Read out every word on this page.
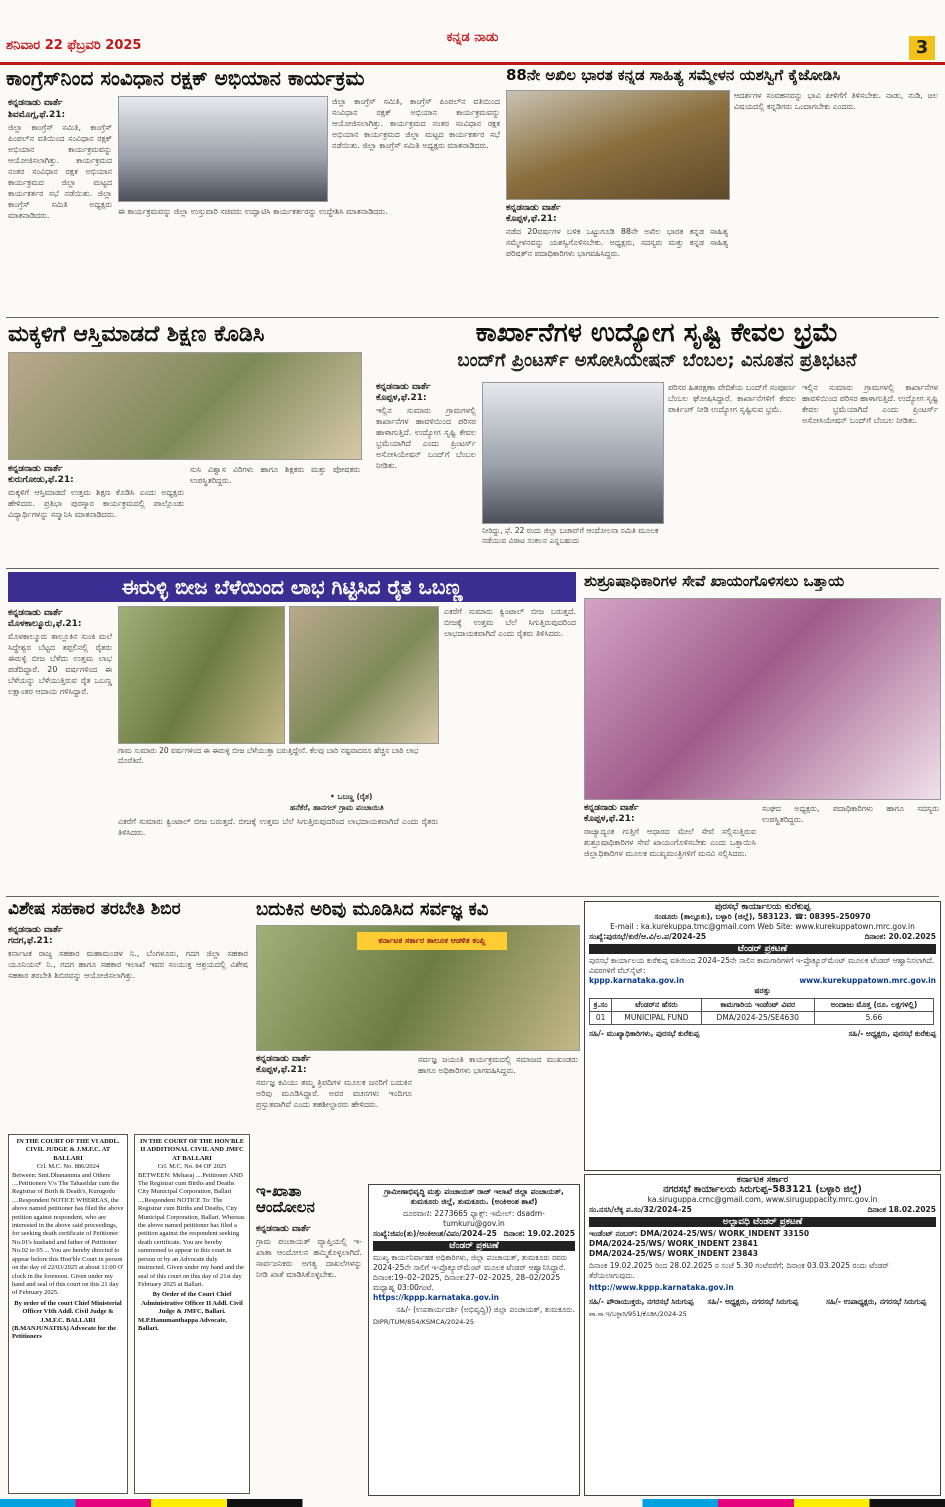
ಶನಿವಾರ 22 ಫೆಬ್ರವರಿ 2025
ಕನ್ನಡ ನಾಡು	3
ಕಾಂಗ್ರೆಸ್‌ನಿಂದ ಸಂವಿಧಾನ ರಕ್ಷಕ್ ಅಭಿಯಾನ ಕಾರ್ಯಕ್ರಮ
ಕನ್ನಡನಾಡು ವಾರ್ತೆ
ಶಿವಮೊಗ್ಗ,ಫೆ.21:
ಜಿಲ್ಲಾ ಕಾಂಗ್ರೆಸ್ ಸಮಿತಿ, ಕಾಂಗ್ರೆಸ್ ಪಿಂಪಲ್‌ನ ವತಿಯಿಂದ ಸಂವಿಧಾನ ರಕ್ಷಕ್ ಅಭಿಯಾನ ಕಾರ್ಯಕ್ರಮವನ್ನು ಆಯೋಜಿಸಲಾಗಿತ್ತು. ಕಾರ್ಯಕ್ರಮದ ನಂತರ ಸಂವಿಧಾನ ರಕ್ಷಕ ಅಭಿಯಾನ ಕಾರ್ಯಕ್ರಮದ ಜಿಲ್ಲಾ ಮಟ್ಟದ ಕಾರ್ಯಕರ್ತರ ಸಭೆ ನಡೆಯಿತು. ಜಿಲ್ಲಾ ಕಾಂಗ್ರೆಸ್ ಸಮಿತಿ ಅಧ್ಯಕ್ಷರು ಮಾತನಾಡಿದರು.
ಜಿಲ್ಲಾ ಕಾಂಗ್ರೆಸ್ ಸಮಿತಿ, ಕಾಂಗ್ರೆಸ್ ಪಿಂಪಲ್‌ನ ವತಿಯಿಂದ ಸಂವಿಧಾನ ರಕ್ಷಕ್ ಅಭಿಯಾನ ಕಾರ್ಯಕ್ರಮವನ್ನು ಆಯೋಜಿಸಲಾಗಿತ್ತು. ಕಾರ್ಯಕ್ರಮದ ನಂತರ ಸಂವಿಧಾನ ರಕ್ಷಕ ಅಭಿಯಾನ ಕಾರ್ಯಕ್ರಮದ ಜಿಲ್ಲಾ ಮಟ್ಟದ ಕಾರ್ಯಕರ್ತರ ಸಭೆ ನಡೆಯಿತು. ಜಿಲ್ಲಾ ಕಾಂಗ್ರೆಸ್ ಸಮಿತಿ ಅಧ್ಯಕ್ಷರು ಮಾತನಾಡಿದರು.
ಈ ಕಾರ್ಯಕ್ರಮವನ್ನು ಜಿಲ್ಲಾ ಉಸ್ತುವಾರಿ ಸಚಿವರು ಉದ್ಘಾಟಿಸಿ ಕಾರ್ಯಕರ್ತರನ್ನು ಉದ್ದೇಶಿಸಿ ಮಾತನಾಡಿದರು.
88ನೇ ಅಖಿಲ ಭಾರತ ಕನ್ನಡ ಸಾಹಿತ್ಯ ಸಮ್ಮೇಳನ ಯಶಸ್ವಿಗೆ ಕೈಜೋಡಿಸಿ
ಆದರ್ಶಗಳ ಸಂವಹನವನ್ನು ಭಾವಿ ಪೀಳಿಗೆಗೆ ತಿಳಿಸಬೇಕು. ನಾಡು, ನುಡಿ, ಜಲ ವಿಷಯದಲ್ಲಿ ಕನ್ನಡಿಗರು ಒಂದಾಗಬೇಕು ಎಂದರು.
ಕನ್ನಡನಾಡು ವಾರ್ತೆ
ಕೊಪ್ಪಳ,ಫೆ.21:
ನಡೆದ 20ವರ್ಷಗಳ ಬಳಿಕ ಒಟ್ಟುಗೂಡಿ 88ನೇ ಅಖಿಲ ಭಾರತ ಕನ್ನಡ ಸಾಹಿತ್ಯ ಸಮ್ಮೇಳನವನ್ನು ಯಶಸ್ವಿಗೊಳಿಸಬೇಕು. ಅಧ್ಯಕ್ಷರು, ಸದಸ್ಯರು ಮತ್ತು ಕನ್ನಡ ಸಾಹಿತ್ಯ ಪರಿಷತ್‌ನ ಪದಾಧಿಕಾರಿಗಳು ಭಾಗವಹಿಸಿದ್ದರು.
ಮಕ್ಕಳಿಗೆ ಆಸ್ತಿಮಾಡದೆ ಶಿಕ್ಷಣ ಕೊಡಿಸಿ
ಕನ್ನಡನಾಡು ವಾರ್ತೆ
ಕುರುಗೋಡು,ಫೆ.21:
ಮಕ್ಕಳಿಗೆ ಆಸ್ತಿಮಾಡದೆ ಉತ್ತಮ ಶಿಕ್ಷಣ ಕೊಡಿಸಿ ಎಂದು ಅಧ್ಯಕ್ಷರು ಹೇಳಿದರು. ಪ್ರತಿಭಾ ಪುರಸ್ಕಾರ ಕಾರ್ಯಕ್ರಮದಲ್ಲಿ ಪಾಲ್ಗೊಂಡು ವಿದ್ಯಾರ್ಥಿಗಳನ್ನು ಸನ್ಮಾನಿಸಿ ಮಾತನಾಡಿದರು.
ಸುಸಿ ವಿಶ್ವಾಸ ವಿರಿಗಳು ಹಾಗೂ ಶಿಕ್ಷಕರು ಮತ್ತು ಪೋಷಕರು ಉಪಸ್ಥಿತರಿದ್ದರು.
ಕಾರ್ಖಾನೆಗಳ ಉದ್ಯೋಗ ಸೃಷ್ಟಿ ಕೇವಲ ಭ್ರಮೆ
ಬಂದ್‌ಗೆ ಪ್ರಿಂಟರ್ಸ್ ಅಸೋಸಿಯೇಷನ್ ಬೆಂಬಲ; ವಿನೂತನ ಪ್ರತಿಭಟನೆ
ಕನ್ನಡನಾಡು ವಾರ್ತೆ
ಕೊಪ್ಪಳ,ಫೆ.21:
ಇಲ್ಲಿನ ಸುಮಾರು ಗ್ರಾಮಗಳಲ್ಲಿ ಕಾರ್ಖಾನೆಗಳ ಹಾವಳಿಯಿಂದ ಪರಿಸರ ಹಾಳಾಗುತ್ತಿದೆ. ಉದ್ಯೋಗ ಸೃಷ್ಟಿ ಕೇವಲ ಭ್ರಮೆಯಾಗಿದೆ ಎಂದು ಪ್ರಿಂಟರ್ಸ್ ಅಸೋಸಿಯೇಷನ್ ಬಂದ್‌ಗೆ ಬೆಂಬಲ ನೀಡಿತು.
ನೀರಿದ್ದು, ಫೆ. 22 ರಂದು ಜಿಲ್ಲಾ ಬಚಾವ್‌ಗೆ ಆಂದೋಲನಾ ಸಮಿತಿ ಮೂಲಕ ನಡೆಯುವ ವಿರಾಟ ಸಂಕಲನ ಎನ್ನಬಹುದು
ಪರಿಸರ ಹಿತರಕ್ಷಣಾ ವೇದಿಕೆಯ ಬಂದ್‌ಗೆ ಸಂಪೂರ್ಣ ಬೆಂಬಲ ಘೋಷಿಸಿದ್ದಾರೆ. ಕಾರ್ಖಾನೆಗಳಿಗೆ ಕೇವಲ ಪಾರ್ಕಿಂಗ್ ನೀಡಿ ಉದ್ಯೋಗ ಸೃಷ್ಟಿಸುವ ಭ್ರಮೆ.
ಇಲ್ಲಿನ ಸುಮಾರು ಗ್ರಾಮಗಳಲ್ಲಿ ಕಾರ್ಖಾನೆಗಳ ಹಾವಳಿಯಿಂದ ಪರಿಸರ ಹಾಳಾಗುತ್ತಿದೆ. ಉದ್ಯೋಗ ಸೃಷ್ಟಿ ಕೇವಲ ಭ್ರಮೆಯಾಗಿದೆ ಎಂದು ಪ್ರಿಂಟರ್ಸ್ ಅಸೋಸಿಯೇಷನ್ ಬಂದ್‌ಗೆ ಬೆಂಬಲ ನೀಡಿತು.
ಈರುಳ್ಳಿ ಬೀಜ ಬೆಳೆಯಿಂದ ಲಾಭ ಗಿಟ್ಟಿಸಿದ ರೈತ ಒಬಣ್ಣ
ಕನ್ನಡನಾಡು ವಾರ್ತೆ
ಮೊಳಕಾಲ್ಮೂರು,ಫೆ.21:
ಮೊಳಕಾಲ್ಮೂರು ತಾಲ್ಲೂಕಿನ ಸುಂಕಿ ಮಲೆ ಸಿದ್ಧೇಶ್ವರ ಬೆಟ್ಟದ ತಪ್ಪಲಿನಲ್ಲಿ ರೈತರು ಈರುಳ್ಳಿ ಬೀಜ ಬೆಳೆದು ಉತ್ತಮ ಲಾಭ ಪಡೆದಿದ್ದಾರೆ. 20 ವರ್ಷಗಳಿಂದ ಈ ಬೆಳೆಯನ್ನು ಬೆಳೆಯುತ್ತಿರುವ ರೈತ ಒಬಣ್ಣ ಲಕ್ಷಾಂತರ ಆದಾಯ ಗಳಿಸಿದ್ದಾರೆ.
ಗಾಮ ಸುಮಾರು 20 ವರ್ಷಗಳಿಂದ ಈ ಈರುಳ್ಳಿ ಬೀಜ ಬೆಳೆಯುತ್ತಾ ಬರುತ್ತಿದ್ದೇನೆ. ಕೆಲವು ಬಾರಿ ನಷ್ಟವಾದರೂ ಹೆಚ್ಚಿನ ಬಾರಿ ಲಾಭ ದೊರೆತಿದೆ.
• ಒಬಣ್ಣ (ರೈತ)
ಹನೆಕೆರೆ, ಹಾನಗಲ್ ಗ್ರಾಮ ಪಂಚಾಯಿತಿ
ಎಕರೆಗೆ ಸುಮಾರು ಕ್ವಿಂಟಾಲ್ ಬೀಜ ಬರುತ್ತದೆ. ಬೀಜಕ್ಕೆ ಉತ್ತಮ ಬೆಲೆ ಸಿಗುತ್ತಿರುವುದರಿಂದ ಲಾಭದಾಯಕವಾಗಿದೆ ಎಂದು ರೈತರು ತಿಳಿಸಿದರು.
ಎಕರೆಗೆ ಸುಮಾರು ಕ್ವಿಂಟಾಲ್ ಬೀಜ ಬರುತ್ತದೆ. ಬೀಜಕ್ಕೆ ಉತ್ತಮ ಬೆಲೆ ಸಿಗುತ್ತಿರುವುದರಿಂದ ಲಾಭದಾಯಕವಾಗಿದೆ ಎಂದು ರೈತರು ತಿಳಿಸಿದರು.
ಶುಶ್ರೂಷಾಧಿಕಾರಿಗಳ ಸೇವೆ ಖಾಯಂಗೊಳಿಸಲು ಒತ್ತಾಯ
ಕನ್ನಡನಾಡು ವಾರ್ತೆ
ಕೊಪ್ಪಳ,ಫೆ.21:
ರಾಜ್ಯಾದ್ಯಂತ ಗುತ್ತಿಗೆ ಆಧಾರದ ಮೇಲೆ ಸೇವೆ ಸಲ್ಲಿಸುತ್ತಿರುವ ಶುಶ್ರೂಷಾಧಿಕಾರಿಗಳ ಸೇವೆ ಖಾಯಂಗೊಳಿಸಬೇಕು ಎಂದು ಒತ್ತಾಯಿಸಿ ಜಿಲ್ಲಾಧಿಕಾರಿಗಳ ಮೂಲಕ ಮುಖ್ಯಮಂತ್ರಿಗಳಿಗೆ ಮನವಿ ಸಲ್ಲಿಸಿದರು.
ಸಂಘದ ಅಧ್ಯಕ್ಷರು, ಪದಾಧಿಕಾರಿಗಳು ಹಾಗೂ ಸದಸ್ಯರು ಉಪಸ್ಥಿತರಿದ್ದರು.
ವಿಶೇಷ ಸಹಕಾರ ತರಬೇತಿ ಶಿಬಿರ
ಕನ್ನಡನಾಡು ವಾರ್ತೆ
ಗದಗ,ಫೆ.21:
ಕರ್ನಾಟಕ ರಾಜ್ಯ ಸಹಕಾರ ಮಹಾಮಂಡಳ ನಿ., ಬೆಂಗಳೂರು, ಗದಗ ಜಿಲ್ಲಾ ಸಹಕಾರ ಯೂನಿಯನ್ ನಿ., ಗದಗ ಹಾಗೂ ಸಹಕಾರ ಇಲಾಖೆ ಇವರ ಸಂಯುಕ್ತ ಆಶ್ರಯದಲ್ಲಿ ವಿಶೇಷ ಸಹಕಾರ ತರಬೇತಿ ಶಿಬಿರವನ್ನು ಆಯೋಜಿಸಲಾಗಿತ್ತು.
IN THE COURT OF THE VI ADDL. CIVIL JUDGE & J.M.F.C. AT BALLARI
Crl. M.C. No. 886/2024
Between: Smt.Dhanamma and Others ....Petitioners V/s The Tahasildar cum the Registrar of Birth & Death's, Kurugodu ....Respondent NOTICE WHEREAS, the above named petitioner has filed the above petition against respondent, who are interested in the above said proceedings, for seeking death certificate of Petitioner No.01's husband and father of Petitioner No.02 to 05 ... You are hereby directed to appear before this Hon'ble Court in person on the day of 22/03/2025 at about 11:00 O' clock in the forenoon. Given under my hand and seal of this court on this 21 day of February 2025.
By order of the court Chief Ministerial Officer VIth Addl. Civil Judge & J.M.F.C. BALLARI
(B.MANJUNATHA) Advocate for the Petitioners
IN THE COURT OF THE HON'BLE II ADDITIONAL CIVIL AND JMFC AT BALLARI
Crl. M.C. No. 84 OF 2025
BETWEEN: Meharaj ....Petitioner AND The Registrar cum Births and Deaths City Municipal Corporation, Ballari ....Respondent NOTICE To: The Registrar cum Births and Deaths, City Municipal Corporation, Ballari. Whereas the above named petitioner has filed a petition against the respondent seeking death certificate. You are hereby summoned to appear in this court in person or by an Advocate duly instructed. Given under my hand and the seal of this court on this day of 21st day February 2025 at Ballari.
By Order of the Court Chief Administrative Officer II Addl. Civil Judge & JMFC, Ballari.
M.P.Hanumanthappa Advocate, Ballari.
ಬದುಕಿನ ಅರಿವು ಮೂಡಿಸಿದ ಸರ್ವಜ್ಞ ಕವಿ
ಕರ್ನಾಟಕ ಸರ್ಕಾರ ತಾಲೂಕ ಆಡಳಿತ ಕಂಪ್ಲಿ
ಕನ್ನಡನಾಡು ವಾರ್ತೆ
ಕೊಪ್ಪಳ,ಫೆ.21:
ಸರ್ವಜ್ಞ ಕವಿಯು ತಮ್ಮ ತ್ರಿಪದಿಗಳ ಮೂಲಕ ಜನರಿಗೆ ಬದುಕಿನ ಅರಿವು ಮೂಡಿಸಿದ್ದಾರೆ. ಅವರ ವಚನಗಳು ಇಂದಿಗೂ ಪ್ರಸ್ತುತವಾಗಿವೆ ಎಂದು ತಹಶೀಲ್ದಾರರು ಹೇಳಿದರು.
ಸರ್ವಜ್ಞ ಜಯಂತಿ ಕಾರ್ಯಕ್ರಮದಲ್ಲಿ ಸಮಾಜದ ಮುಖಂಡರು ಹಾಗೂ ಅಧಿಕಾರಿಗಳು ಭಾಗವಹಿಸಿದ್ದರು.
ಇ-ಖಾತಾ ಆಂದೋಲನ
ಕನ್ನಡನಾಡು ವಾರ್ತೆ
ಗ್ರಾಮ ಪಂಚಾಯತ್ ವ್ಯಾಪ್ತಿಯಲ್ಲಿ ಇ-ಖಾತಾ ಆಂದೋಲನ ಹಮ್ಮಿಕೊಳ್ಳಲಾಗಿದೆ. ಸಾರ್ವಜನಿಕರು ಅಗತ್ಯ ದಾಖಲೆಗಳನ್ನು ನೀಡಿ ಖಾತೆ ಮಾಡಿಸಿಕೊಳ್ಳಬೇಕು.
ಗ್ರಾಮೀಣಾಭಿವೃದ್ಧಿ ಮತ್ತು ಪಂಚಾಯತ್ ರಾಜ್ ಇಲಾಖೆ ಜಿಲ್ಲಾ ಪಂಚಾಯತ್, ತುಮಕೂರು ಜಿಲ್ಲೆ, ತುಮಕೂರು. (ಅಂಕಿಅಂಶ ಶಾಖೆ)
ದೂರವಾಣಿ: 2273665 ಫ್ಯಾಕ್ಸ್: ಇಮೇಲ್: dsadm-tumkuru@gov.in
ಸಂಖ್ಯೆ:ಜಿಪಂ(ತು)/ಅಂಕಿಅಂಶ/ವಿಪಂ/2024–25 ದಿನಾಂಕ: 19.02.2025
ಟೆಂಡರ್ ಪ್ರಕಟಣೆ
ಮುಖ್ಯ ಕಾರ್ಯನಿರ್ವಾಹಕ ಅಧಿಕಾರಿಗಳು, ಜಿಲ್ಲಾ ಪಂಚಾಯತ್, ತುಮಕೂರು ರವರು 2024-25ನೇ ಸಾಲಿಗೆ ಇ-ಪ್ರೊಕ್ಯೂರ್‌ಮೆಂಟ್ ಮೂಲಕ ಟೆಂಡರ್ ಆಹ್ವಾನಿಸಿದ್ದಾರೆ. ದಿನಾಂಕ:19–02–2025, ದಿನಾಂಕ:27–02–2025, 28–02/2025 ಮಧ್ಯಾಹ್ನ 03:00ಗಂಟೆ.
https://kppp.karnataka.gov.in
ಸಹಿ/- (ಉಪಕಾರ್ಯದರ್ಶಿ (ಅಭಿವೃದ್ಧಿ)) ಜಿಲ್ಲಾ ಪಂಚಾಯತ್, ತುಮಕೂರು.
DIPR/TUM/854/KSMCA/2024-25
ಪುರಸಭೆ ಕಾರ್ಯಾಲಯ ಕುರೆಕುಪ್ಪ
ಸಂಡೂರು (ತಾಲ್ಲೂಕು), ಬಳ್ಳಾರಿ (ಜಿಲ್ಲೆ), 583123. ☎: 08395–250970
E-mail : ka.kurekuppa.tmc@gmail.com Web Site: www.kurekuppatown.mrc.gov.in
ಸಂಖ್ಯೆ:ಪುರಸಭೆ/ಕುರೆ/ಆ.ವಿ/ಲ.ಪ/2024-25	ದಿನಾಂಕ: 20.02.2025
ಟೆಂಡರ್ ಪ್ರಕಟಣೆ
ಪುರಸಭೆ ಕಾರ್ಯಾಲಯ ಕುರೆಕುಪ್ಪ ವತಿಯಿಂದ 2024–25ನೇ ಸಾಲಿನ ಕಾಮಗಾರಿಗಳಿಗೆ ಇ-ಪ್ರೊಕ್ಯೂರ್‌ಮೆಂಟ್ ಮೂಲಕ ಟೆಂಡರ್ ಆಹ್ವಾನಿಸಲಾಗಿದೆ. ವಿವರಗಳಿಗೆ ವೆಬ್‌ಸೈಟ್:
kppp.karnataka.gov.in	www.kurekuppatown.mrc.gov.in
ಷರತ್ತು
ಕ್ರ.ಸಂ	ಟೆಂಡರ್‌ನ ಹೆಸರು	ಕಾಮಗಾರಿಯ ಇಂಡೆಂಟ್ ವಿವರ	ಅಂದಾಜು ಮೊತ್ತ (ರೂ. ಲಕ್ಷಗಳಲ್ಲಿ)
01	MUNICIPAL FUND	DMA/2024-25/SE4630	5.66
ಸಹಿ/- ಮುಖ್ಯಾಧಿಕಾರಿಗಳು, ಪುರಸಭೆ ಕುರೆಕುಪ್ಪ	ಸಹಿ/- ಅಧ್ಯಕ್ಷರು, ಪುರಸಭೆ ಕುರೆಕುಪ್ಪ
ಕರ್ನಾಟಕ ಸರ್ಕಾರ
ನಗರಸಭೆ ಕಾರ್ಯಾಲಯ ಸಿರುಗುಪ್ಪ–583121 (ಬಳ್ಳಾರಿ ಜಿಲ್ಲೆ)
ka.siruguppa.cmc@gmail.com, www.siruguppacity.mrc.gov.in
ಸಂ.ನಸಸಿ/ಲೆಕ್ಕ ಪ.ಸಂ/32/2024–25	ದಿನಾಂಕ 18.02.2025
ಅಲ್ಪಾವಧಿ ಟೆಂಡರ್ ಪ್ರಕಟಣೆ
ಇಂಡೆಂಟ್ ನಂಬರ್: DMA/2024-25/WS/ WORK_INDENT 33150
DMA/2024-25/WS/ WORK_INDENT 23841
DMA/2024-25/WS/ WORK_INDENT 23843
ದಿನಾಂಕ 19.02.2025 ರಿಂದ 28.02.2025 ರ ಸಂಜೆ 5.30 ಗಂಟೆವರೆಗೆ; ದಿನಾಂಕ 03.03.2025 ರಂದು ಟೆಂಡರ್ ತೆರೆಯಲಾಗುವುದು.
http://www.kppp.karnataka.gov.in
ಸಹಿ/- ಪೌರಾಯುಕ್ತರು, ನಗರಸಭೆ ಸಿರುಗುಪ್ಪ	ಸಹಿ/- ಅಧ್ಯಕ್ಷರು, ನಗರಸಭೆ ಸಿರುಗುಪ್ಪ	ಸಹಿ/- ಉಪಾಧ್ಯಕ್ಷರು, ನಗರಸಭೆ ಸಿರುಗುಪ್ಪ
ವಾ.ಸಾ.ಇ/ಬಳ್ಳಾರಿ/951/ಕೊಡಿಸಿ/2024-25
